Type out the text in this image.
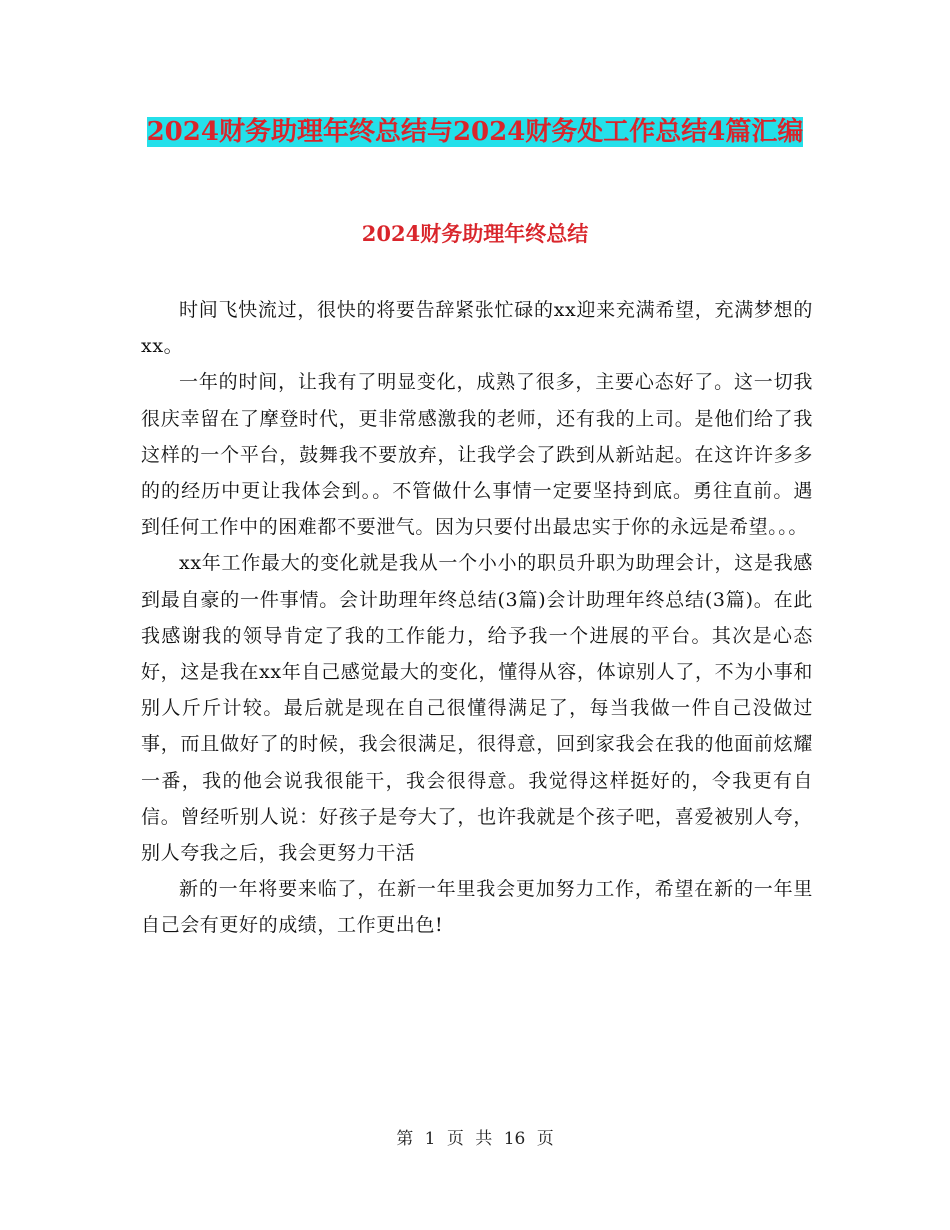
2024财务助理年终总结与2024财务处工作总结4篇汇编
2024财务助理年终总结

时间飞快流过，很快的将要告辞紧张忙碌的xx迎来充满希望，充满梦想的xx。

一年的时间，让我有了明显变化，成熟了很多，主要心态好了。这一切我很庆幸留在了摩登时代，更非常感激我的老师，还有我的上司。是他们给了我这样的一个平台，鼓舞我不要放弃，让我学会了跌到从新站起。在这许许多多的的经历中更让我体会到。。不管做什么事情一定要坚持到底。勇往直前。遇到任何工作中的困难都不要泄气。因为只要付出最忠实于你的永远是希望。。。

xx年工作最大的变化就是我从一个小小的职员升职为助理会计，这是我感到最自豪的一件事情。会计助理年终总结(3篇)会计助理年终总结(3篇)。在此我感谢我的领导肯定了我的工作能力，给予我一个进展的平台。其次是心态好，这是我在xx年自己感觉最大的变化，懂得从容，体谅别人了，不为小事和别人斤斤计较。最后就是现在自己很懂得满足了，每当我做一件自己没做过事，而且做好了的时候，我会很满足，很得意，回到家我会在我的他面前炫耀一番，我的他会说我很能干，我会很得意。我觉得这样挺好的，令我更有自信。曾经听别人说：好孩子是夸大了，也许我就是个孩子吧，喜爱被别人夸，别人夸我之后，我会更努力干活

新的一年将要来临了，在新一年里我会更加努力工作，希望在新的一年里自己会有更好的成绩，工作更出色!

第 1 页 共 16 页
